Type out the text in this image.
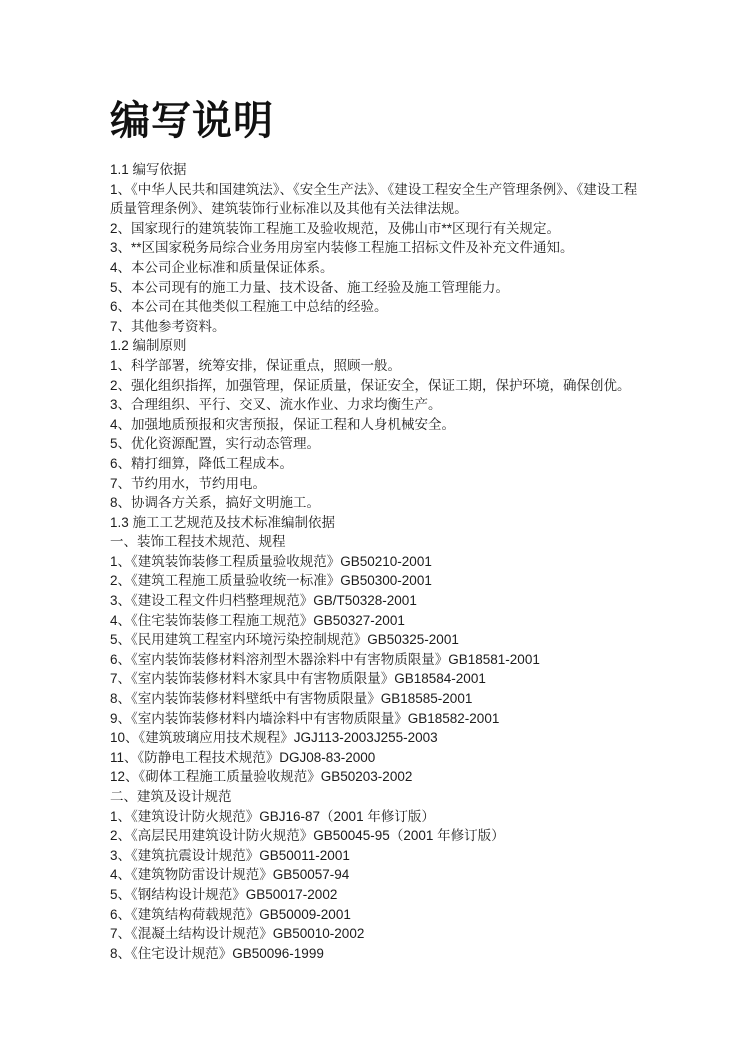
编写说明

1.1 编写依据

1、《中华人民共和国建筑法》、《安全生产法》、《建设工程安全生产管理条例》、《建设工程质量管理条例》、建筑装饰行业标准以及其他有关法律法规。

2、国家现行的建筑装饰工程施工及验收规范，及佛山市**区现行有关规定。

3、**区国家税务局综合业务用房室内装修工程施工招标文件及补充文件通知。

4、本公司企业标准和质量保证体系。

5、本公司现有的施工力量、技术设备、施工经验及施工管理能力。

6、本公司在其他类似工程施工中总结的经验。

7、其他参考资料。

1.2 编制原则

1、科学部署，统筹安排，保证重点，照顾一般。

2、强化组织指挥，加强管理，保证质量，保证安全，保证工期，保护环境，确保创优。

3、合理组织、平行、交叉、流水作业、力求均衡生产。

4、加强地质预报和灾害预报，保证工程和人身机械安全。

5、优化资源配置，实行动态管理。

6、精打细算，降低工程成本。

7、节约用水，节约用电。

8、协调各方关系，搞好文明施工。

1.3 施工工艺规范及技术标准编制依据

一、装饰工程技术规范、规程

1、《建筑装饰装修工程质量验收规范》GB50210-2001

2、《建筑工程施工质量验收统一标准》GB50300-2001

3、《建设工程文件归档整理规范》GB/T50328-2001

4、《住宅装饰装修工程施工规范》GB50327-2001

5、《民用建筑工程室内环境污染控制规范》GB50325-2001

6、《室内装饰装修材料溶剂型木器涂料中有害物质限量》GB18581-2001

7、《室内装饰装修材料木家具中有害物质限量》GB18584-2001

8、《室内装饰装修材料壁纸中有害物质限量》GB18585-2001

9、《室内装饰装修材料内墙涂料中有害物质限量》GB18582-2001

10、《建筑玻璃应用技术规程》JGJ113-2003J255-2003

11、《防静电工程技术规范》DGJ08-83-2000

12、《砌体工程施工质量验收规范》GB50203-2002

二、建筑及设计规范

1、《建筑设计防火规范》GBJ16-87（2001 年修订版）

2、《高层民用建筑设计防火规范》GB50045-95（2001 年修订版）

3、《建筑抗震设计规范》GB50011-2001

4、《建筑物防雷设计规范》GB50057-94

5、《钢结构设计规范》GB50017-2002

6、《建筑结构荷载规范》GB50009-2001

7、《混凝土结构设计规范》GB50010-2002

8、《住宅设计规范》GB50096-1999
